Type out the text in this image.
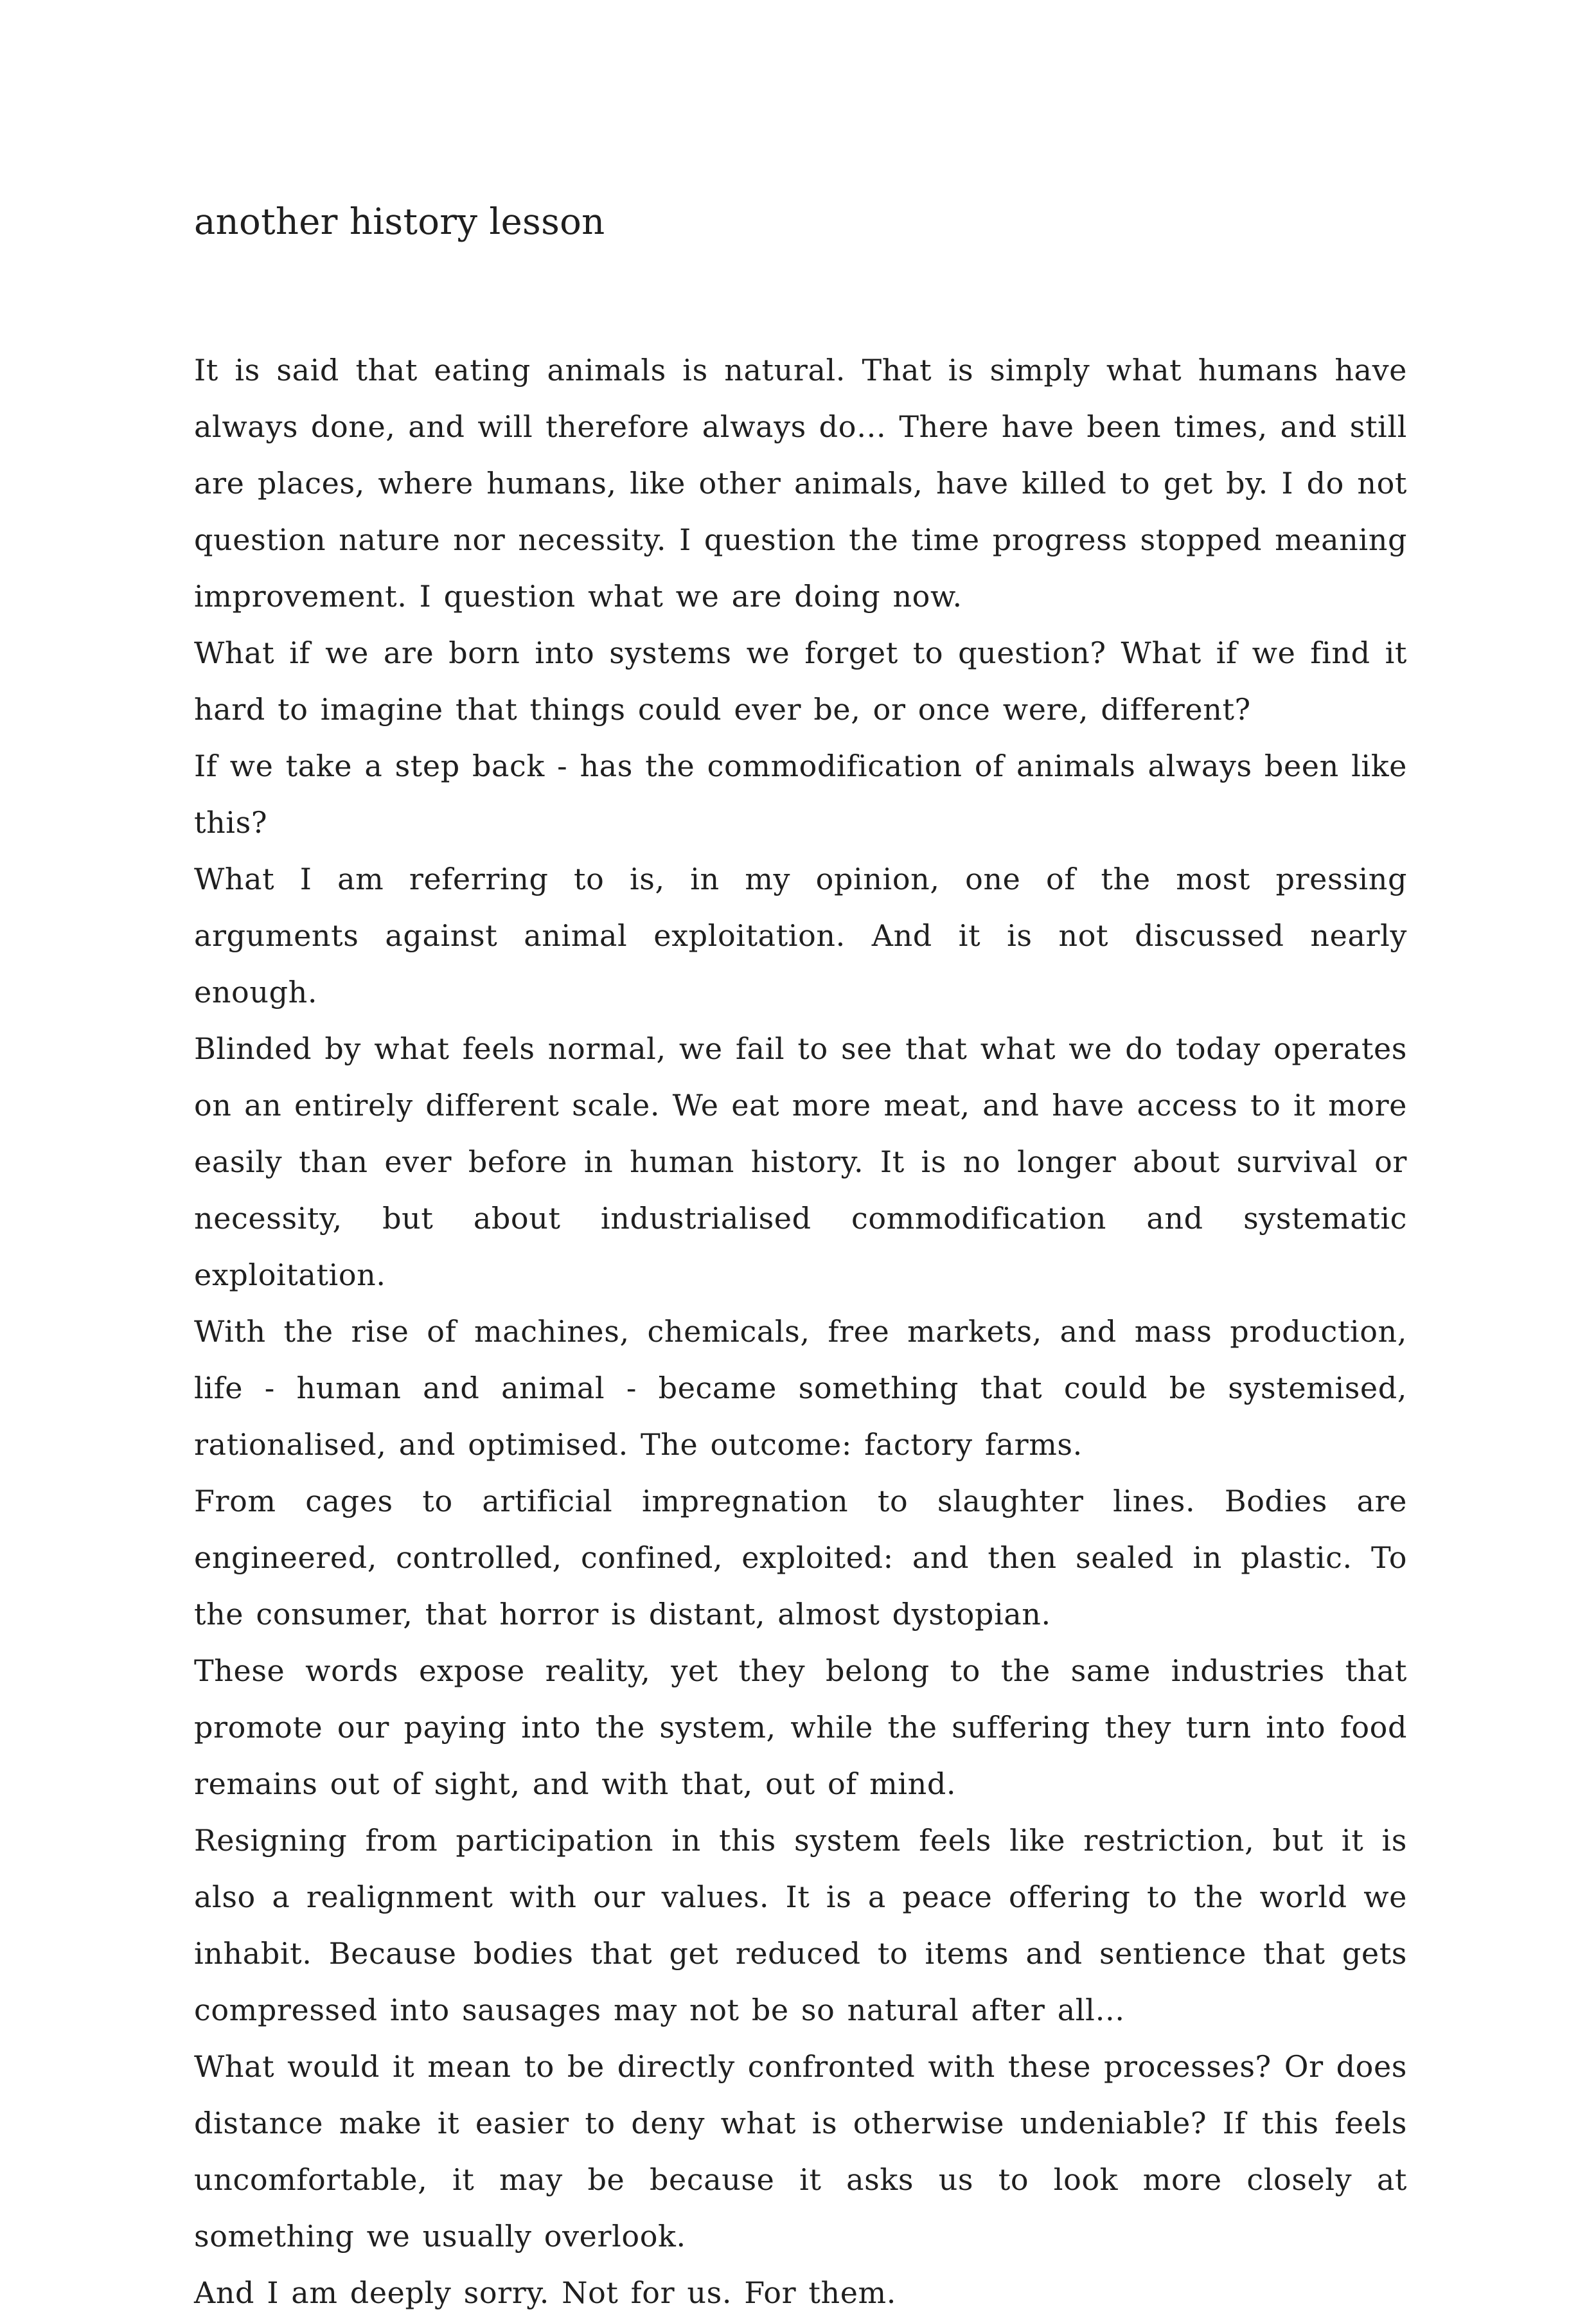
another history lesson

It is said that eating animals is natural. That is simply what humans have always done, and will therefore always do… There have been times, and still are places, where humans, like other animals, have killed to get by. I do not question nature nor necessity. I question the time progress stopped meaning improvement. I question what we are doing now.

What if we are born into systems we forget to question? What if we find it hard to imagine that things could ever be, or once were, different?

If we take a step back - has the commodification of animals always been like this?

What I am referring to is, in my opinion, one of the most pressing arguments against animal exploitation. And it is not discussed nearly enough.

Blinded by what feels normal, we fail to see that what we do today operates on an entirely different scale. We eat more meat, and have access to it more easily than ever before in human history. It is no longer about survival or necessity, but about industrialised commodification and systematic exploitation.

With the rise of machines, chemicals, free markets, and mass production, life - human and animal - became something that could be systemised, rationalised, and optimised. The outcome: factory farms.

From cages to artificial impregnation to slaughter lines. Bodies are engineered, controlled, confined, exploited: and then sealed in plastic. To the consumer, that horror is distant, almost dystopian.

These words expose reality, yet they belong to the same industries that promote our paying into the system, while the suffering they turn into food remains out of sight, and with that, out of mind.

Resigning from participation in this system feels like restriction, but it is also a realignment with our values. It is a peace offering to the world we inhabit. Because bodies that get reduced to items and sentience that gets compressed into sausages may not be so natural after all…

What would it mean to be directly confronted with these processes? Or does distance make it easier to deny what is otherwise undeniable? If this feels uncomfortable, it may be because it asks us to look more closely at something we usually overlook.

And I am deeply sorry. Not for us. For them.
